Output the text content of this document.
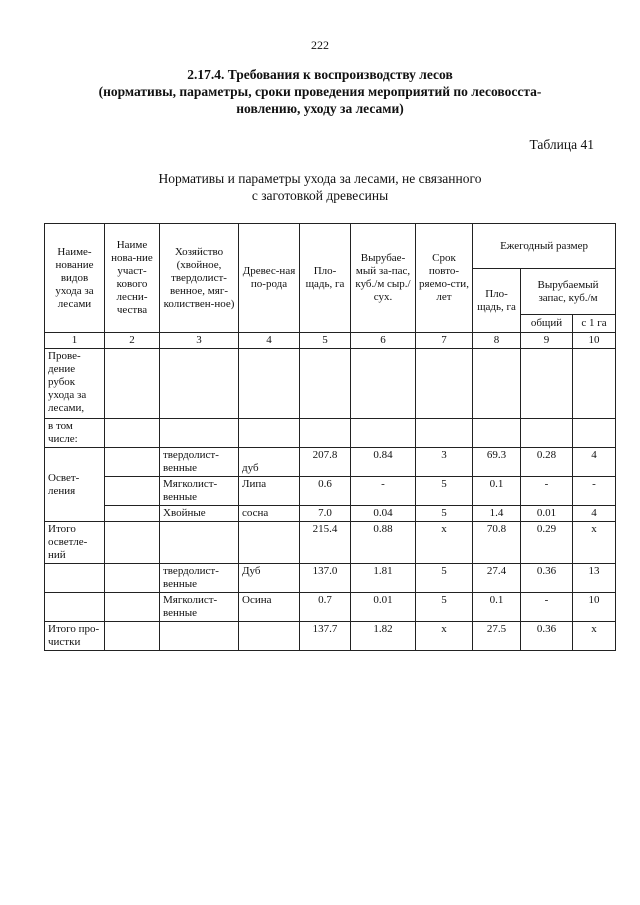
222
2.17.4. Требования к воспроизводству лесов
(нормативы, параметры, сроки проведения мероприятий по лесовосста-
новлению, уходу за лесами)
Таблица 41
Нормативы и параметры ухода за лесами, не связанного
с заготовкой древесины
Наиме-нование видов ухода за лесами	Наиме нова-ние участ-кового лесни-чества	Хозяйство (хвойное, твердолист-венное, мяг-колиствен-ное)	Древес-ная по-рода	Пло-щадь, га	Вырубае-мый за-пас, куб./м сыр./сух.	Срок повто-ряемо-сти, лет	Ежегодный размер		
							Пло-щадь, га	Вырубаемый запас, куб./м	
								общий	с 1 га
1	2	3	4	5	6	7	8	9	10
Прове-дение рубок ухода за лесами,									
в том числе:									
Освет-ления		твердолист-венные	дуб	207.8	0.84	3	69.3	0.28	4
		Мягколист-венные	Липа	0.6	-	5	0.1	-	-
		Хвойные	сосна	7.0	0.04	5	1.4	0.01	4
Итого осветле-ний				215.4	0.88	х	70.8	0.29	х
		твердолист-венные	Дуб	137.0	1.81	5	27.4	0.36	13
		Мягколист-венные	Осина	0.7	0.01	5	0.1	-	10
Итого про-чистки				137.7	1.82	х	27.5	0.36	х
